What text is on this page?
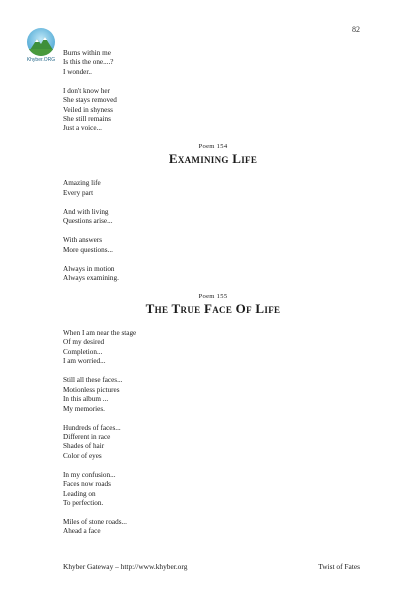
82
Khyber.ORG
Burns within me
Is this the one....?
I wonder..
I don't know her
She stays removed
Veiled in shyness
She still remains
Just a voice...
Poem 154
Examining Life
Amazing life
Every part
And with living
Questions arise...
With answers
More questions...
Always in motion
Always examining.
Poem 155
The True Face Of Life
When I am near the stage
Of my desired
Completion...
I am worried...
Still all these faces...
Motionless pictures
In this album ...
My memories.
Hundreds of faces...
Different in race
Shades of hair
Color of eyes
In my confusion...
Faces now roads
Leading on
To perfection.
Miles of stone roads...
Ahead a face
Khyber Gateway – http://www.khyber.org	Twist of Fates
